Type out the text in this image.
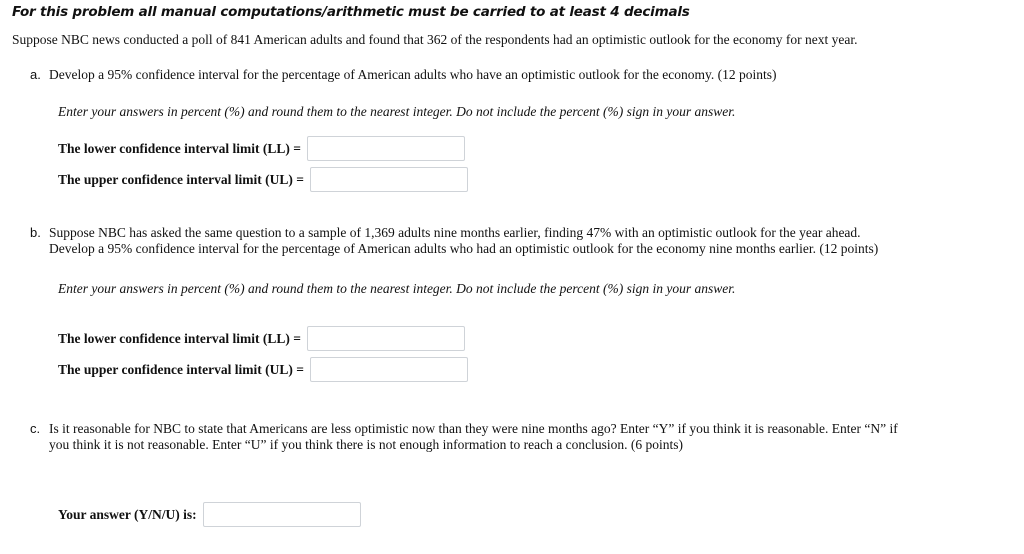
For this problem all manual computations/arithmetic must be carried to at least 4 decimals
Suppose NBC news conducted a poll of 841 American adults and found that 362 of the respondents had an optimistic outlook for the economy for next year.
a. Develop a 95% confidence interval for the percentage of American adults who have an optimistic outlook for the economy. (12 points)
Enter your answers in percent (%) and round them to the nearest integer. Do not include the percent (%) sign in your answer.
The lower confidence interval limit (LL) =
The upper confidence interval limit (UL) =
b. Suppose NBC has asked the same question to a sample of 1,369 adults nine months earlier, finding 47% with an optimistic outlook for the year ahead.
Develop a 95% confidence interval for the percentage of American adults who had an optimistic outlook for the economy nine months earlier. (12 points)
Enter your answers in percent (%) and round them to the nearest integer. Do not include the percent (%) sign in your answer.
The lower confidence interval limit (LL) =
The upper confidence interval limit (UL) =
c. Is it reasonable for NBC to state that Americans are less optimistic now than they were nine months ago? Enter “Y” if you think it is reasonable. Enter “N” if
you think it is not reasonable. Enter “U” if you think there is not enough information to reach a conclusion. (6 points)
Your answer (Y/N/U) is:
